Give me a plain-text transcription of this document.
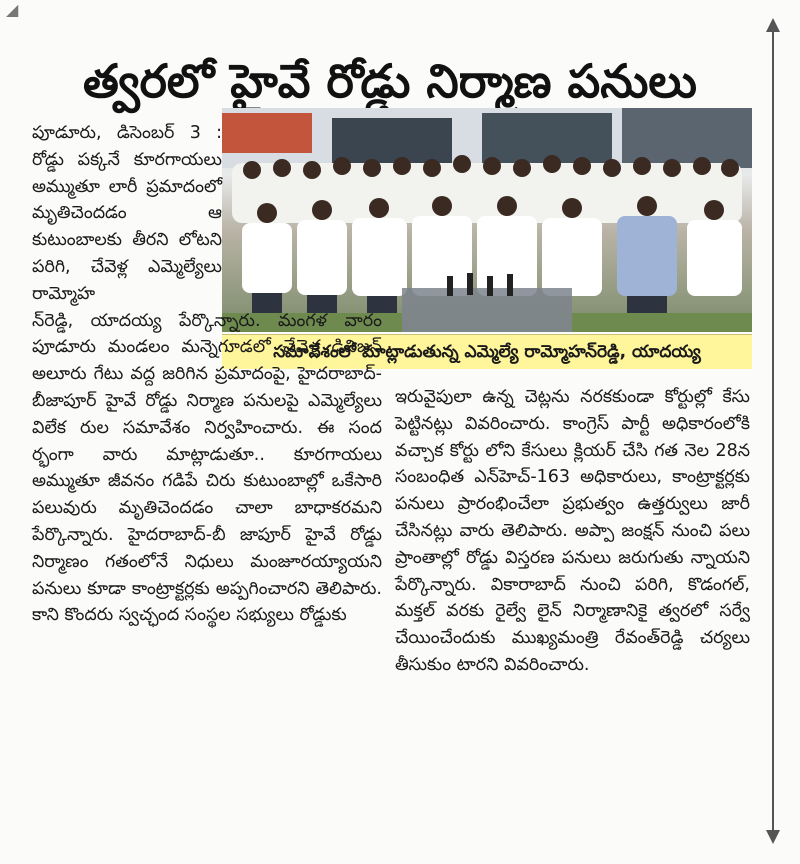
◢
త్వరలో హైవే రోడ్డు నిర్మాణ పనులు
సమావేశంలో మాట్లాడుతున్న ఎమ్మెల్యే రామ్మోహన్‌రెడ్డి, యాదయ్య
పూడూరు, డిసెంబర్ 3 : రోడ్డు పక్కనే కూరగాయలు అమ్ముతూ లారీ ప్రమాదంలో మృతిచెందడం ఆ కుటుంబాలకు తీరని లోటని పరిగి, చేవెళ్ల ఎమ్మెల్యేలు రామ్మోహ
న్‌రెడ్డి, యాదయ్య పేర్కొన్నారు. మంగళ వారం పూడూరు మండలం మన్నెగూడలో చేవెళ్ల డివిజన్ అలూరు గేటు వద్ద జరిగిన ప్రమాదంపై, హైదరాబాద్-బీజాపూర్ హైవే రోడ్డు నిర్మాణ పనులపై ఎమ్మెల్యేలు విలేక రుల సమావేశం నిర్వహించారు. ఈ సంద ర్భంగా వారు మాట్లాడుతూ.. కూరగాయలు అమ్ముతూ జీవనం గడిపే చిరు కుటుంబాల్లో ఒకేసారి పలువురు మృతిచెందడం చాలా బాధాకరమని పేర్కొన్నారు. హైదరాబాద్-బీ జాపూర్ హైవే రోడ్డు నిర్మాణం గతంలోనే నిధులు మంజూరయ్యాయని పనులు కూడా కాంట్రాక్టర్లకు అప్పగించారని తెలిపారు. కాని కొందరు స్వచ్ఛంద సంస్థల సభ్యులు రోడ్డుకు
ఇరువైపులా ఉన్న చెట్లను నరకకుండా కోర్టుల్లో కేసు పెట్టినట్లు వివరించారు. కాంగ్రెస్ పార్టీ అధికారంలోకి వచ్చాక కోర్టు లోని కేసులు క్లియర్ చేసి గత నెల 28న సంబంధిత ఎన్‌హెచ్-163 అధికారులు, కాంట్రాక్టర్లకు పనులు ప్రారంభించేలా ప్రభుత్వం ఉత్తర్వులు జారీ చేసినట్లు వారు తెలిపారు. అప్పా జంక్షన్ నుంచి పలు ప్రాంతాల్లో రోడ్డు విస్తరణ పనులు జరుగుతు న్నాయని పేర్కొన్నారు. వికారాబాద్ నుంచి పరిగి, కొడంగల్, మక్తల్ వరకు రైల్వే లైన్ నిర్మాణానికై త్వరలో సర్వే చేయించేందుకు ముఖ్యమంత్రి రేవంత్‌రెడ్డి చర్యలు తీసుకుం టారని వివరించారు.
